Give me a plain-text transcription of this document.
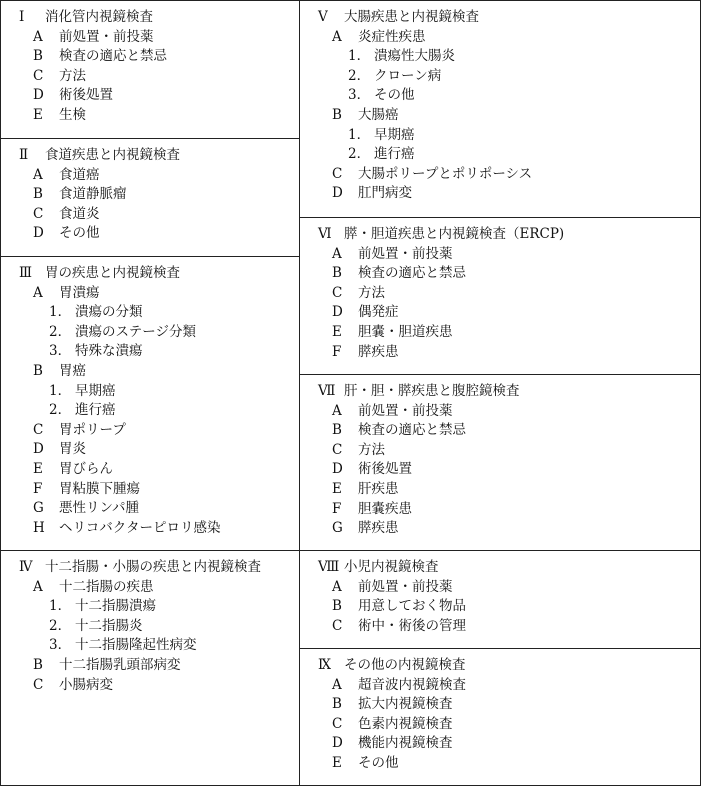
Ⅰ 消化管内視鏡検査
A 前処置・前投薬
B 検査の適応と禁忌
C 方法
D 術後処置
E 生検
Ⅱ 食道疾患と内視鏡検査
A 食道癌
B 食道静脈瘤
C 食道炎
D その他
Ⅲ 胃の疾患と内視鏡検査
A 胃潰瘍
1． 潰瘍の分類
2． 潰瘍のステージ分類
3． 特殊な潰瘍
B 胃癌
1． 早期癌
2． 進行癌
C 胃ポリープ
D 胃炎
E 胃びらん
F 胃粘膜下腫瘍
G 悪性リンパ腫
H ヘリコバクターピロリ感染
Ⅳ 十二指腸・小腸の疾患と内視鏡検査
A 十二指腸の疾患
1． 十二指腸潰瘍
2． 十二指腸炎
3． 十二指腸隆起性病変
B 十二指腸乳頭部病変
C 小腸病変
Ⅴ 大腸疾患と内視鏡検査
A 炎症性疾患
1． 潰瘍性大腸炎
2． クローン病
3． その他
B 大腸癌
1． 早期癌
2． 進行癌
C 大腸ポリープとポリポーシス
D 肛門病変
Ⅵ 膵・胆道疾患と内視鏡検査（ERCP)
A 前処置・前投薬
B 検査の適応と禁忌
C 方法
D 偶発症
E 胆嚢・胆道疾患
F 膵疾患
Ⅶ 肝・胆・膵疾患と腹腔鏡検査
A 前処置・前投薬
B 検査の適応と禁忌
C 方法
D 術後処置
E 肝疾患
F 胆嚢疾患
G 膵疾患
Ⅷ 小児内視鏡検査
A 前処置・前投薬
B 用意しておく物品
C 術中・術後の管理
Ⅸ その他の内視鏡検査
A 超音波内視鏡検査
B 拡大内視鏡検査
C 色素内視鏡検査
D 機能内視鏡検査
E その他
